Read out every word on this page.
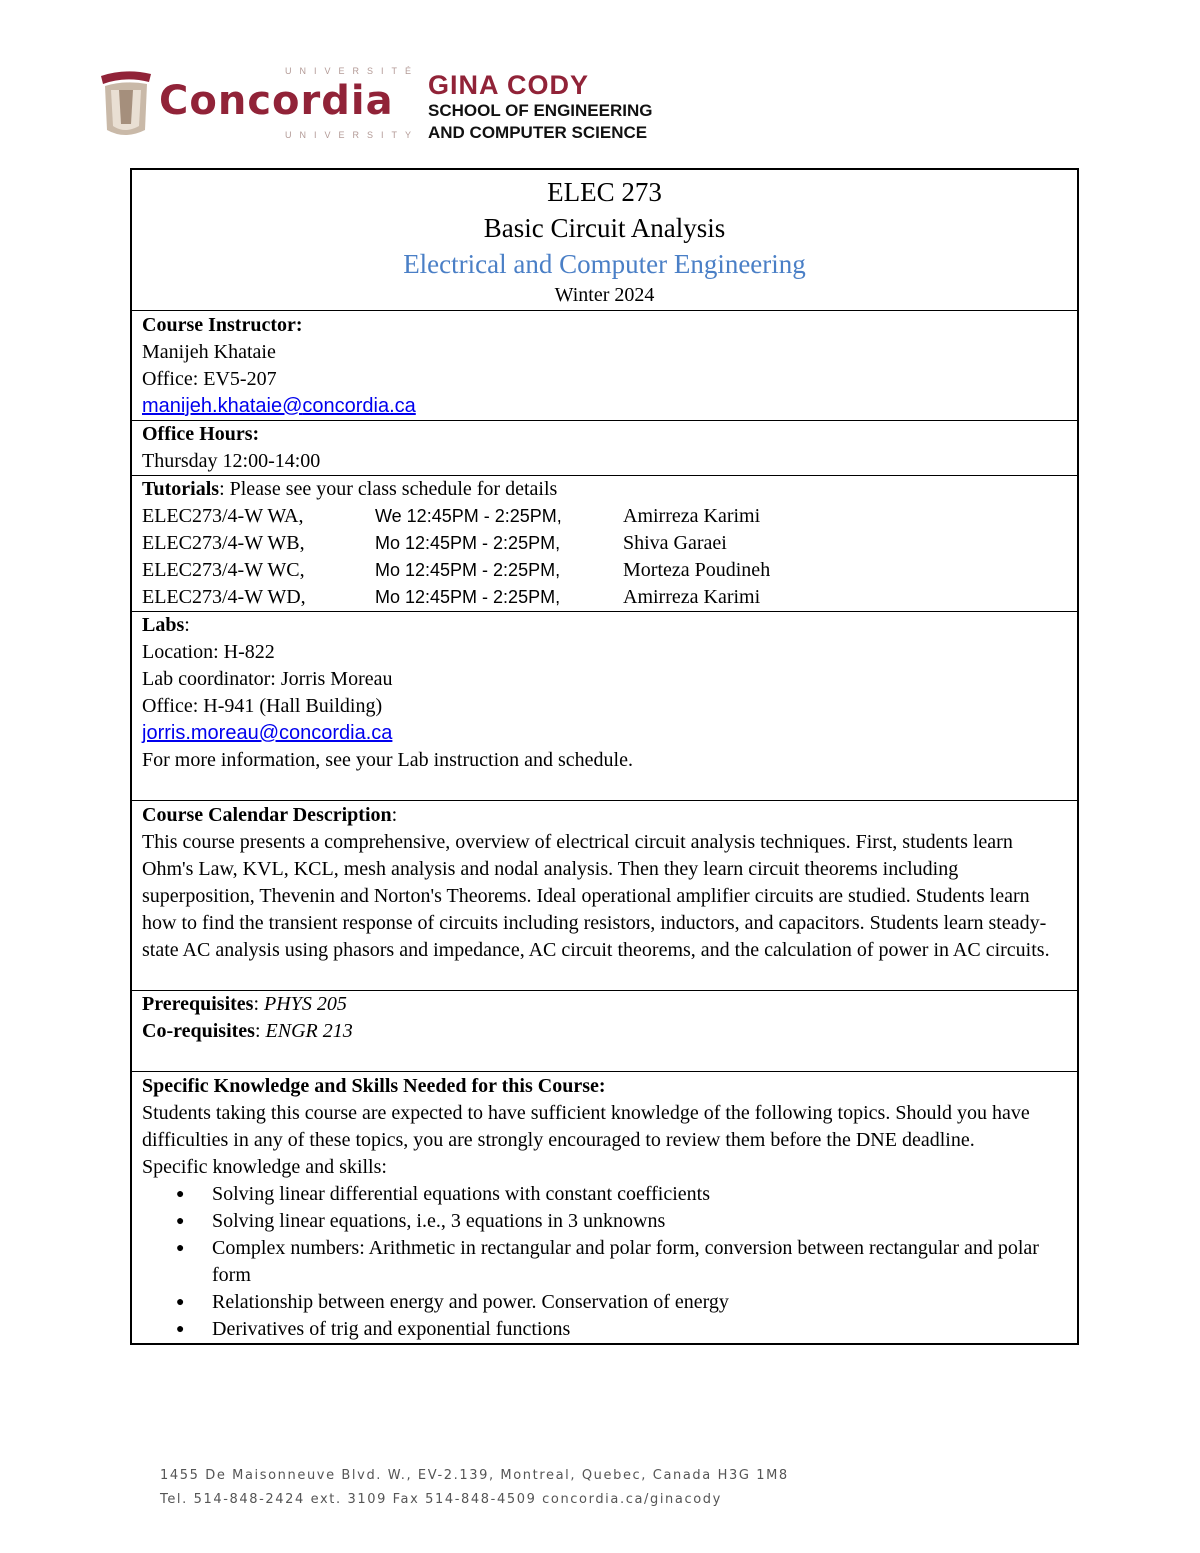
UNIVERSITÉ
Concordia
UNIVERSITY
GINA CODY
SCHOOL OF ENGINEERING
AND COMPUTER SCIENCE
ELEC 273
Basic Circuit Analysis
Electrical and Computer Engineering
Winter 2024
Course Instructor:
Manijeh Khataie
Office: EV5-207
manijeh.khataie@concordia.ca
Office Hours:
Thursday 12:00-14:00
Tutorials: Please see your class schedule for details
ELEC273/4-W WA,	We 12:45PM - 2:25PM,	Amirreza Karimi
ELEC273/4-W WB,	Mo 12:45PM - 2:25PM,	Shiva Garaei
ELEC273/4-W WC,	Mo 12:45PM - 2:25PM,	Morteza Poudineh
ELEC273/4-W WD,	Mo 12:45PM - 2:25PM,	Amirreza Karimi
Labs:
Location: H-822
Lab coordinator: Jorris Moreau
Office: H-941 (Hall Building)
jorris.moreau@concordia.ca
For more information, see your Lab instruction and schedule.
Course Calendar Description:
This course presents a comprehensive, overview of electrical circuit analysis techniques. First, students learn Ohm's Law, KVL, KCL, mesh analysis and nodal analysis. Then they learn circuit theorems including superposition, Thevenin and Norton's Theorems. Ideal operational amplifier circuits are studied. Students learn how to find the transient response of circuits including resistors, inductors, and capacitors. Students learn steady-state AC analysis using phasors and impedance, AC circuit theorems, and the calculation of power in AC circuits.
Prerequisites: PHYS 205
Co-requisites: ENGR 213
Specific Knowledge and Skills Needed for this Course:
Students taking this course are expected to have sufficient knowledge of the following topics. Should you have difficulties in any of these topics, you are strongly encouraged to review them before the DNE deadline.
Specific knowledge and skills:
● Solving linear differential equations with constant coefficients
● Solving linear equations, i.e., 3 equations in 3 unknowns
● Complex numbers: Arithmetic in rectangular and polar form, conversion between rectangular and polar form
● Relationship between energy and power. Conservation of energy
● Derivatives of trig and exponential functions
1455 De Maisonneuve Blvd. W., EV-2.139, Montreal, Quebec, Canada H3G 1M8
Tel. 514-848-2424 ext. 3109 Fax 514-848-4509 concordia.ca/ginacody
